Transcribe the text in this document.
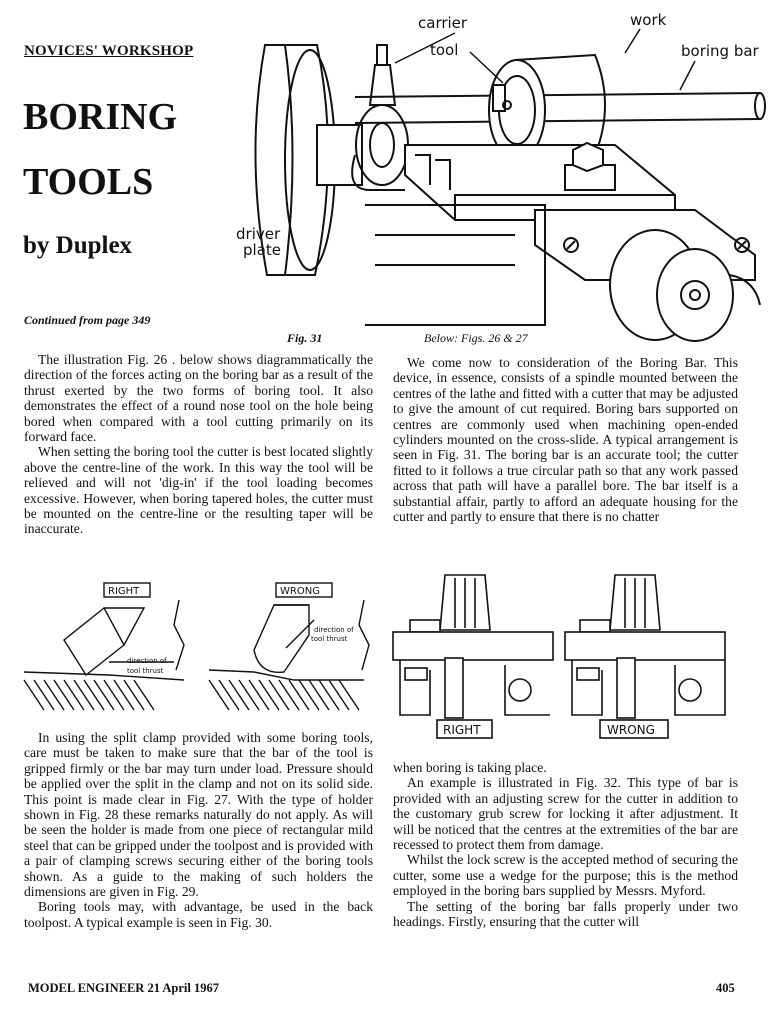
NOVICES' WORKSHOP
BORING
TOOLS
by Duplex
Continued from page 349
carrier	work
tool	boring bar
driver
plate
Fig. 31	Below: Figs. 26 & 27

The illustration Fig. 26 . below shows diagrammatically the direction of the forces acting on the boring bar as a result of the thrust exerted by the two forms of boring tool. It also demonstrates the effect of a round nose tool on the hole being bored when compared with a tool cutting primarily on its forward face.

When setting the boring tool the cutter is best located slightly above the centre-line of the work. In this way the tool will be relieved and will not 'dig-in' if the tool loading becomes excessive. However, when boring tapered holes, the cutter must be mounted on the centre-line or the resulting taper will be inaccurate.

We come now to consideration of the Boring Bar. This device, in essence, consists of a spindle mounted between the centres of the lathe and fitted with a cutter that may be adjusted to give the amount of cut required. Boring bars supported on centres are commonly used when machining open-ended cylinders mounted on the cross-slide. A typical arrangement is seen in Fig. 31. The boring bar is an accurate tool; the cutter fitted to it follows a true circular path so that any work passed across that path will have a parallel bore. The bar itself is a substantial affair, partly to afford an adequate housing for the cutter and partly to ensure that there is no chatter

RIGHT	WRONG
direction of
tool thrust
direction of
tool thrust
RIGHT	WRONG

In using the split clamp provided with some boring tools, care must be taken to make sure that the bar of the tool is gripped firmly or the bar may turn under load. Pressure should be applied over the split in the clamp and not on its solid side. This point is made clear in Fig. 27. With the type of holder shown in Fig. 28 these remarks naturally do not apply. As will be seen the holder is made from one piece of rectangular mild steel that can be gripped under the toolpost and is provided with a pair of clamping screws securing either of the boring tools shown. As a guide to the making of such holders the dimensions are given in Fig. 29.

Boring tools may, with advantage, be used in the back toolpost. A typical example is seen in Fig. 30.

when boring is taking place.

An example is illustrated in Fig. 32. This type of bar is provided with an adjusting screw for the cutter in addition to the customary grub screw for locking it after adjustment. It will be noticed that the centres at the extremities of the bar are recessed to protect them from damage.

Whilst the lock screw is the accepted method of securing the cutter, some use a wedge for the purpose; this is the method employed in the boring bars supplied by Messrs. Myford.

The setting of the boring bar falls properly under two headings. Firstly, ensuring that the cutter will

MODEL ENGINEER 21 April 1967	405
